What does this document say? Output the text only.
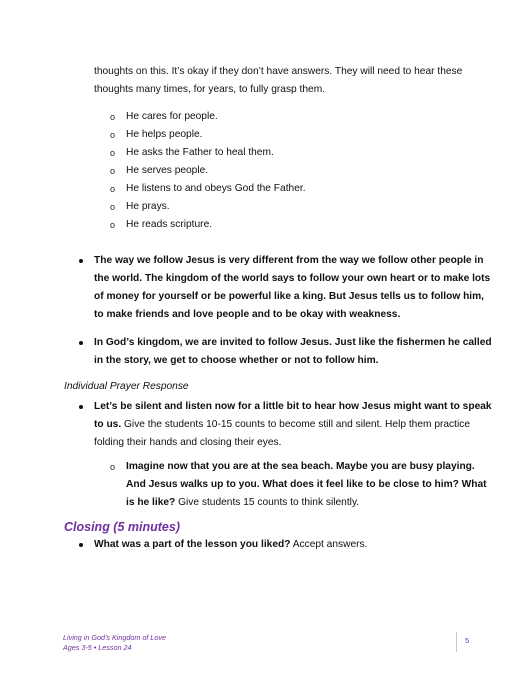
thoughts on this. It’s okay if they don’t have answers. They will need to hear these
thoughts many times, for years, to fully grasp them.
o He cares for people.
o He helps people.
o He asks the Father to heal them.
o He serves people.
o He listens to and obeys God the Father.
o He prays.
o He reads scripture.
The way we follow Jesus is very different from the way we follow other people in
the world. The kingdom of the world says to follow your own heart or to make lots
of money for yourself or be powerful like a king. But Jesus tells us to follow him,
to make friends and love people and to be okay with weakness.
In God’s kingdom, we are invited to follow Jesus. Just like the fishermen he called
in the story, we get to choose whether or not to follow him.
Individual Prayer Response
Let’s be silent and listen now for a little bit to hear how Jesus might want to speak
to us. Give the students 10-15 counts to become still and silent. Help them practice
folding their hands and closing their eyes.
o Imagine now that you are at the sea beach. Maybe you are busy playing.
And Jesus walks up to you. What does it feel like to be close to him? What
is he like? Give students 15 counts to think silently.
Closing (5 minutes)
What was a part of the lesson you liked? Accept answers.
Living in God’s Kingdom of Love
Ages 3-5 • Lesson 24
5
